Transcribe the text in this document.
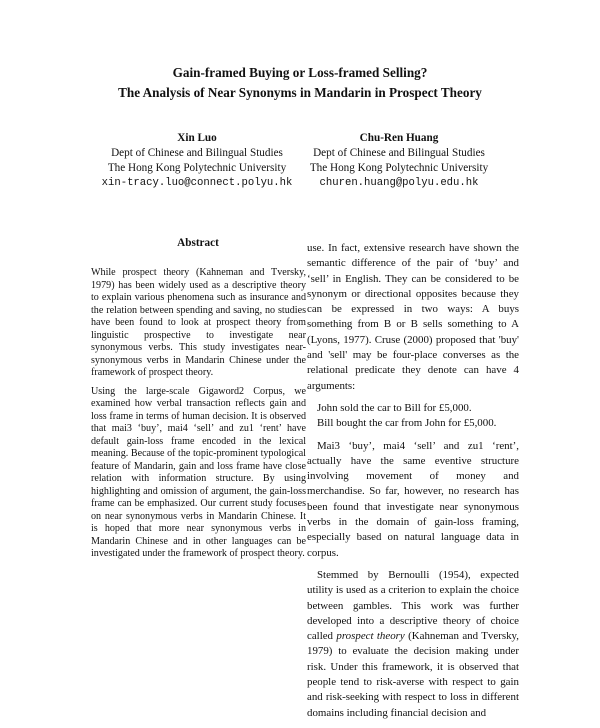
Gain-framed Buying or Loss-framed Selling?
The Analysis of Near Synonyms in Mandarin in Prospect Theory
Xin Luo
Dept of Chinese and Bilingual Studies
The Hong Kong Polytechnic University
xin-tracy.luo@connect.polyu.hk
Chu-Ren Huang
Dept of Chinese and Bilingual Studies
The Hong Kong Polytechnic University
churen.huang@polyu.edu.hk
Abstract

While prospect theory (Kahneman and Tversky, 1979) has been widely used as a descriptive theory to explain various phenomena such as insurance and the relation between spending and saving, no studies have been found to look at prospect theory from linguistic prospective to investigate near synonymous verbs. This study investigates near-synonymous verbs in Mandarin Chinese under the framework of prospect theory.

Using the large-scale Gigaword2 Corpus, we examined how verbal transaction reflects gain and loss frame in terms of human decision. It is observed that mai3 ‘buy’, mai4 ‘sell’ and zu1 ‘rent’ have default gain-loss frame encoded in the lexical meaning. Because of the topic-prominent typological feature of Mandarin, gain and loss frame have close relation with information structure. By using highlighting and omission of argument, the gain-loss frame can be emphasized. Our current study focuses on near synonymous verbs in Mandarin Chinese. It is hoped that more near synonymous verbs in Mandarin Chinese and in other languages can be investigated under the framework of prospect theory.

use. In fact, extensive research have shown the semantic difference of the pair of ‘buy’ and ‘sell’ in English. They can be considered to be synonym or directional opposites because they can be expressed in two ways: A buys something from B or B sells something to A (Lyons, 1977). Cruse (2000) proposed that 'buy' and 'sell' may be four-place converses as the relational predicate they denote can have 4 arguments:

John sold the car to Bill for £5,000.
Bill bought the car from John for £5,000.

Mai3 ‘buy’, mai4 ‘sell’ and zu1 ‘rent’, actually have the same eventive structure involving movement of money and merchandise. So far, however, no research has been found that investigate near synonymous verbs in the domain of gain-loss framing, especially based on natural language data in corpus.

Stemmed by Bernoulli (1954), expected utility is used as a criterion to explain the choice between gambles. This work was further developed into a descriptive theory of choice called prospect theory (Kahneman and Tversky, 1979) to evaluate the decision making under risk. Under this framework, it is observed that people tend to risk-averse with respect to gain and risk-seeking with respect to loss in different domains including financial decision and
